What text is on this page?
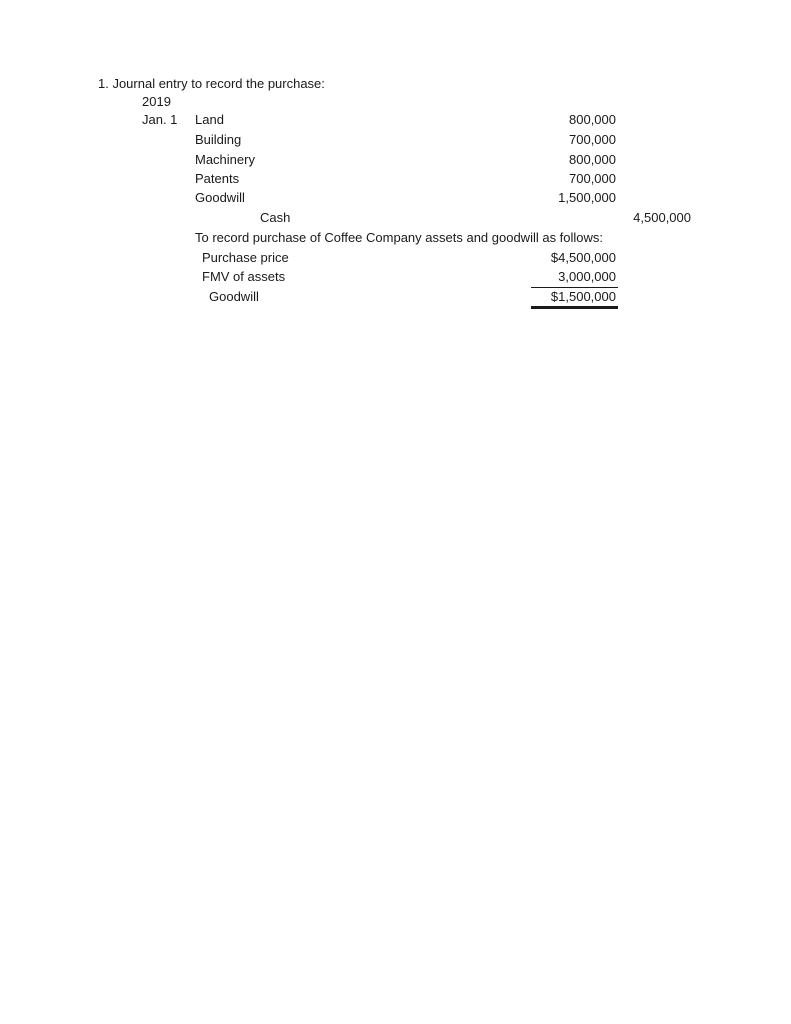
1. Journal entry to record the purchase:
2019
Jan. 1 Land	800,000
Building	700,000
Machinery	800,000
Patents	700,000
Goodwill	1,500,000
Cash	4,500,000
To record purchase of Coffee Company assets and goodwill as follows:
Purchase price	$4,500,000
FMV of assets	3,000,000
Goodwill	$1,500,000
